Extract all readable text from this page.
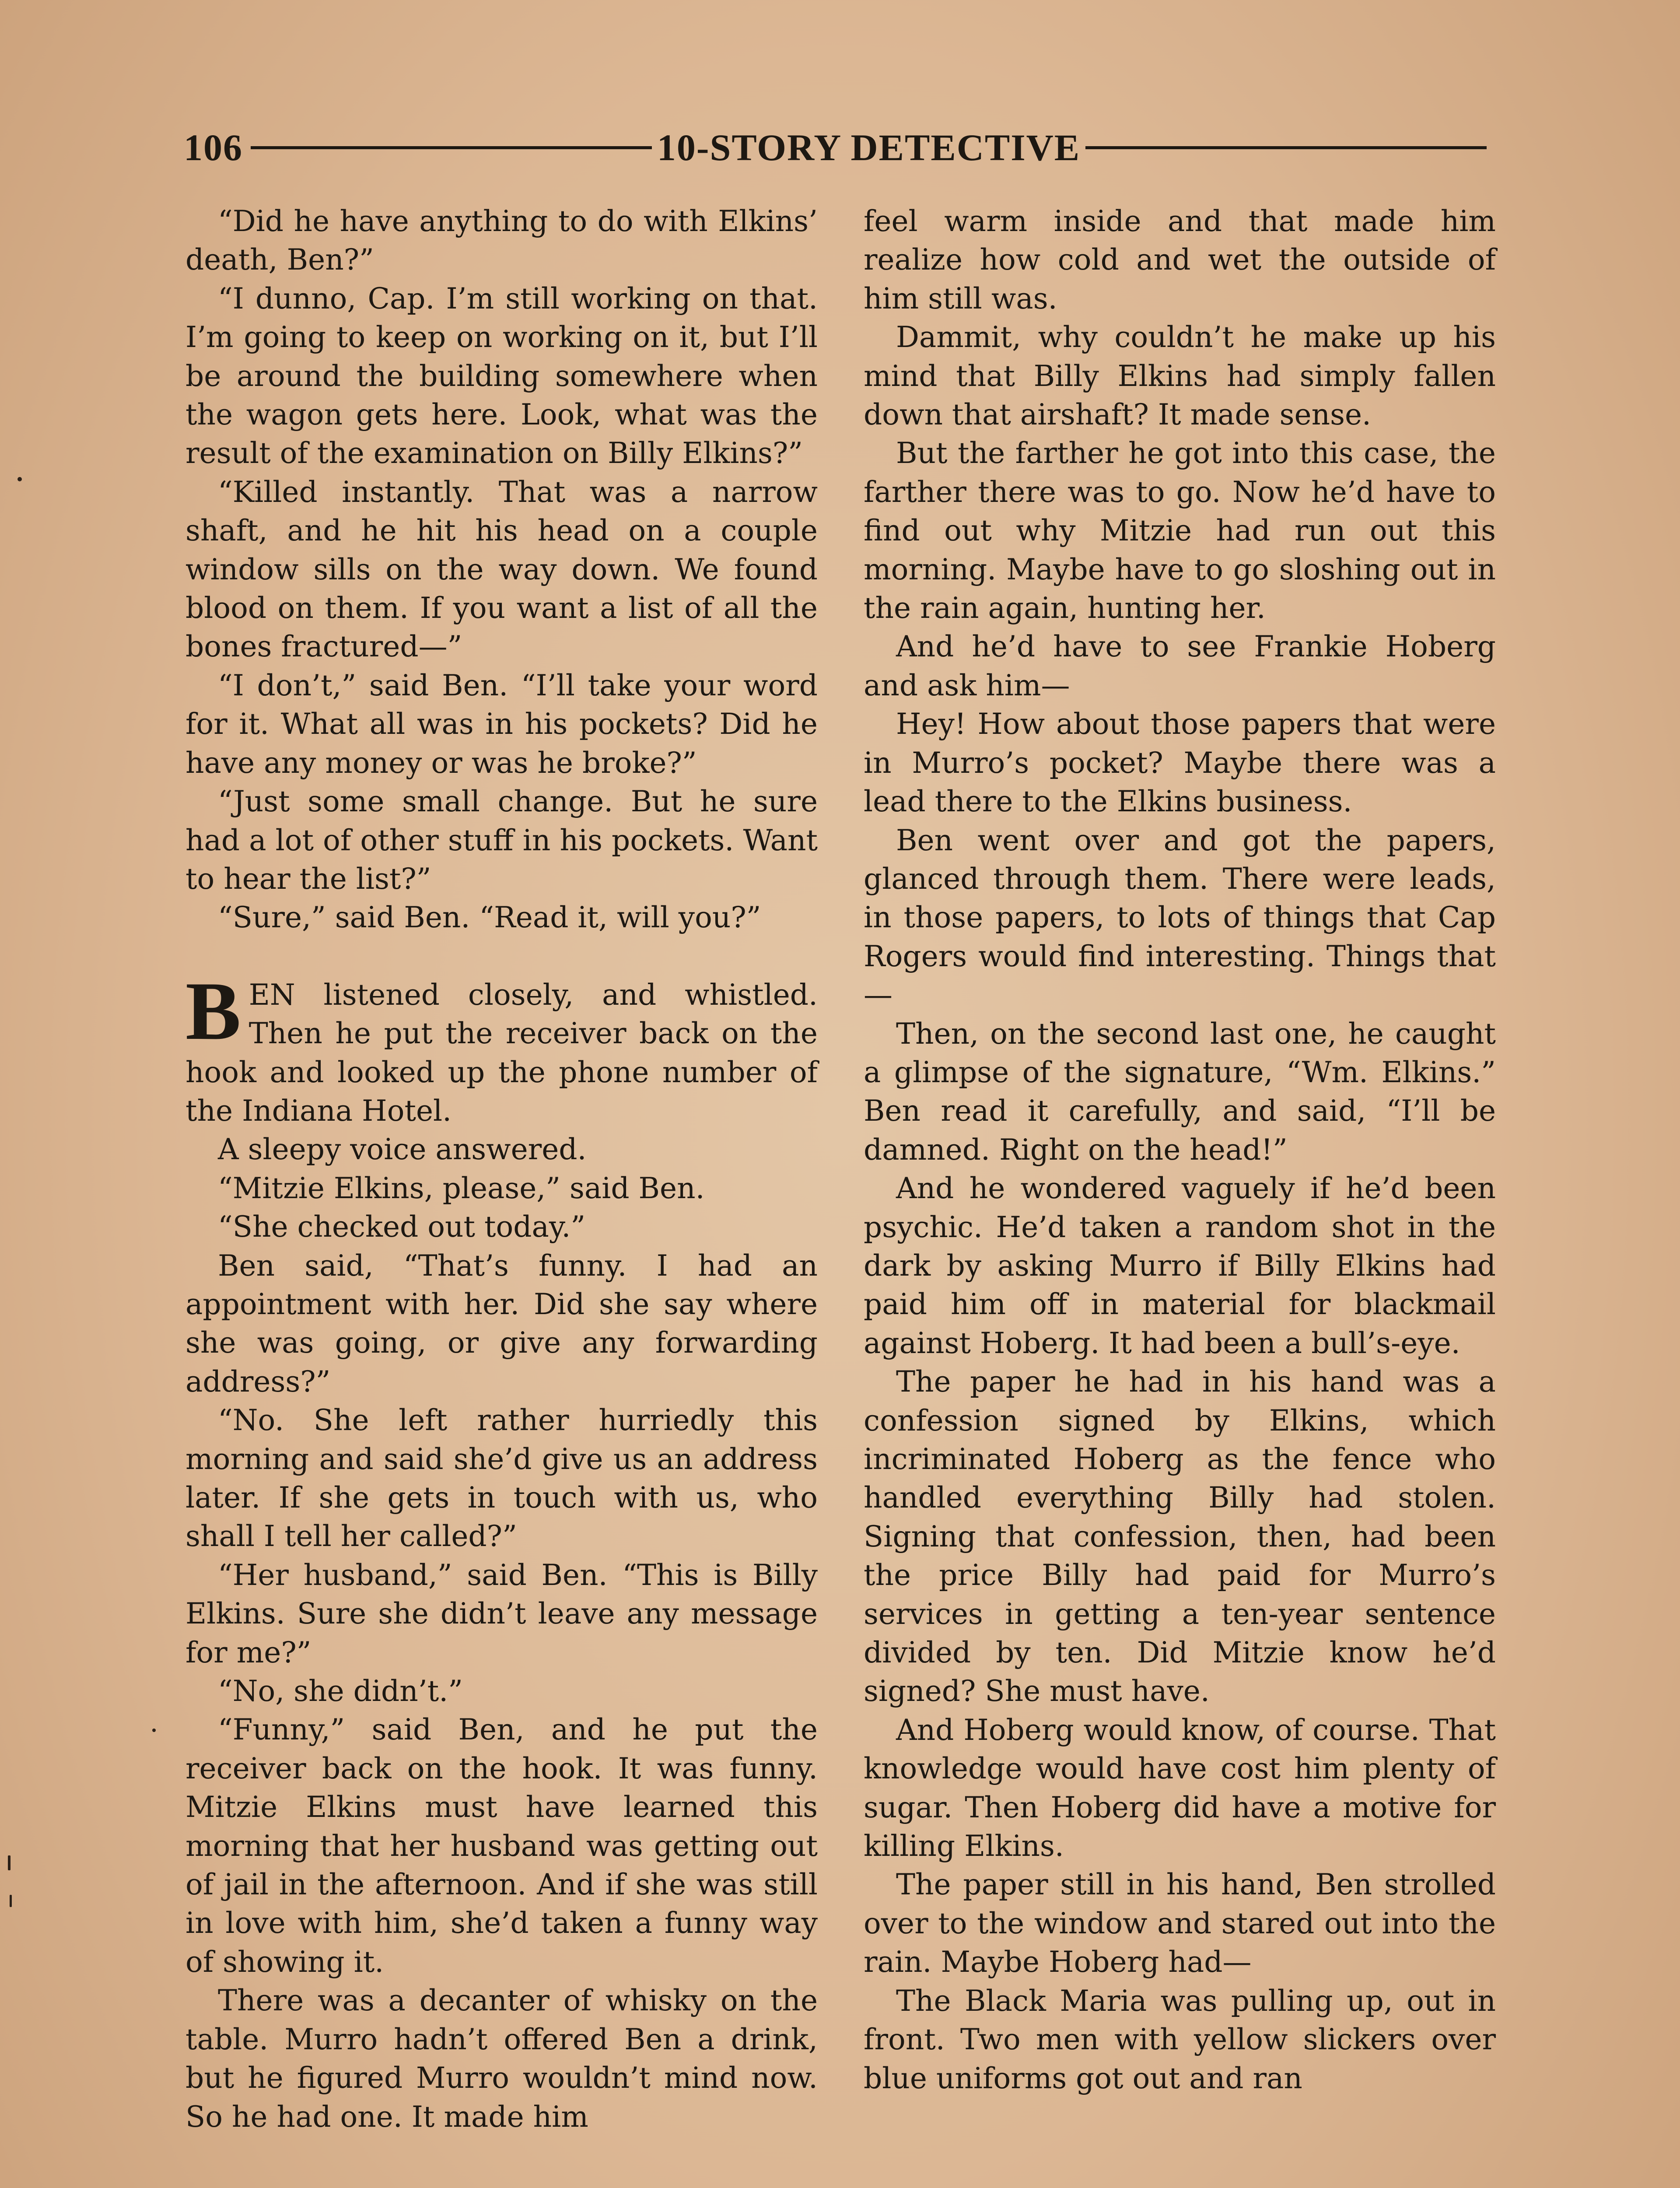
106	10-STORY DETECTIVE

“Did he have anything to do with Elkins’ death, Ben?”

“I dunno, Cap. I’m still working on that. I’m going to keep on working on it, but I’ll be around the building somewhere when the wagon gets here. Look, what was the result of the examination on Billy Elkins?”

“Killed instantly. That was a narrow shaft, and he hit his head on a couple window sills on the way down. We found blood on them. If you want a list of all the bones fractured—”

“I don’t,” said Ben. “I’ll take your word for it. What all was in his pockets? Did he have any money or was he broke?”

“Just some small change. But he sure had a lot of other stuff in his pockets. Want to hear the list?”

“Sure,” said Ben. “Read it, will you?”

BEN listened closely, and whistled. Then he put the receiver back on the hook and looked up the phone number of the Indiana Hotel.

A sleepy voice answered.

“Mitzie Elkins, please,” said Ben.

“She checked out today.”

Ben said, “That’s funny. I had an appointment with her. Did she say where she was going, or give any forwarding address?”

“No. She left rather hurriedly this morning and said she’d give us an address later. If she gets in touch with us, who shall I tell her called?”

“Her husband,” said Ben. “This is Billy Elkins. Sure she didn’t leave any message for me?”

“No, she didn’t.”

“Funny,” said Ben, and he put the receiver back on the hook. It was funny. Mitzie Elkins must have learned this morning that her husband was getting out of jail in the afternoon. And if she was still in love with him, she’d taken a funny way of showing it.

There was a decanter of whisky on the table. Murro hadn’t offered Ben a drink, but he figured Murro wouldn’t mind now. So he had one. It made him

feel warm inside and that made him realize how cold and wet the outside of him still was.

Dammit, why couldn’t he make up his mind that Billy Elkins had simply fallen down that airshaft? It made sense.

But the farther he got into this case, the farther there was to go. Now he’d have to find out why Mitzie had run out this morning. Maybe have to go sloshing out in the rain again, hunting her.

And he’d have to see Frankie Hoberg and ask him—

Hey! How about those papers that were in Murro’s pocket? Maybe there was a lead there to the Elkins business.

Ben went over and got the papers, glanced through them. There were leads, in those papers, to lots of things that Cap Rogers would find interesting. Things that—

Then, on the second last one, he caught a glimpse of the signature, “Wm. Elkins.” Ben read it carefully, and said, “I’ll be damned. Right on the head!”

And he wondered vaguely if he’d been psychic. He’d taken a random shot in the dark by asking Murro if Billy Elkins had paid him off in material for blackmail against Hoberg. It had been a bull’s-eye.

The paper he had in his hand was a confession signed by Elkins, which incriminated Hoberg as the fence who handled everything Billy had stolen. Signing that confession, then, had been the price Billy had paid for Murro’s services in getting a ten-year sentence divided by ten. Did Mitzie know he’d signed? She must have.

And Hoberg would know, of course. That knowledge would have cost him plenty of sugar. Then Hoberg did have a motive for killing Elkins.

The paper still in his hand, Ben strolled over to the window and stared out into the rain. Maybe Hoberg had—

The Black Maria was pulling up, out in front. Two men with yellow slickers over blue uniforms got out and ran
